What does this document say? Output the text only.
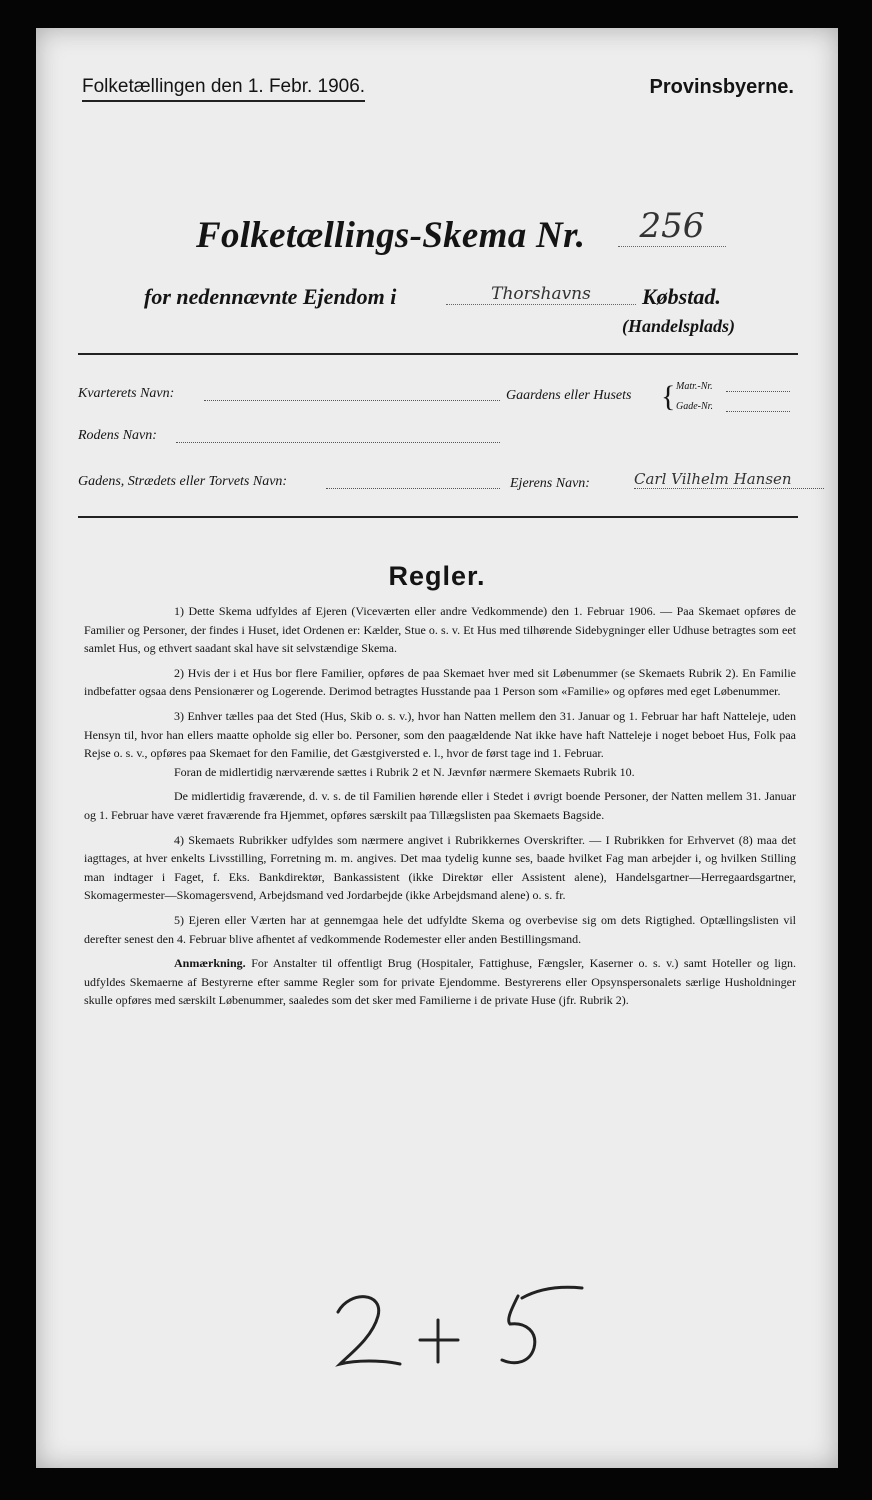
Folketællingen den 1. Febr. 1906.	Provinsbyerne.
Folketællings-Skema Nr.	256
for nedennævnte Ejendom i	Thorshavns	Købstad.
(Handelsplads)
Kvarterets Navn:	Gaardens eller Husets { Matr.-Nr.
Gade-Nr.
Rodens Navn:
Gadens, Strædets eller Torvets Navn:	Ejerens Navn:	Carl Vilhelm Hansen
Regler.

1) Dette Skema udfyldes af Ejeren (Viceværten eller andre Vedkommende) den 1. Februar 1906. — Paa Skemaet opføres de Familier og Personer, der findes i Huset, idet Ordenen er: Kælder, Stue o. s. v. Et Hus med tilhørende Sidebygninger eller Udhuse betragtes som eet samlet Hus, og ethvert saadant skal have sit selvstændige Skema.

2) Hvis der i et Hus bor flere Familier, opføres de paa Skemaet hver med sit Løbenummer (se Skemaets Rubrik 2). En Familie indbefatter ogsaa dens Pensionærer og Logerende. Derimod betragtes Husstande paa 1 Person som «Familie» og opføres med eget Løbenummer.

3) Enhver tælles paa det Sted (Hus, Skib o. s. v.), hvor han Natten mellem den 31. Januar og 1. Februar har haft Natteleje, uden Hensyn til, hvor han ellers maatte opholde sig eller bo. Personer, som den paagældende Nat ikke have haft Natteleje i noget beboet Hus, Folk paa Rejse o. s. v., opføres paa Skemaet for den Familie, det Gæstgiversted e. l., hvor de først tage ind 1. Februar.

Foran de midlertidig nærværende sættes i Rubrik 2 et N. Jævnfør nærmere Skemaets Rubrik 10.

De midlertidig fraværende, d. v. s. de til Familien hørende eller i Stedet i øvrigt boende Personer, der Natten mellem 31. Januar og 1. Februar have været fraværende fra Hjemmet, opføres særskilt paa Tillægslisten paa Skemaets Bagside.

4) Skemaets Rubrikker udfyldes som nærmere angivet i Rubrikkernes Overskrifter. — I Rubrikken for Erhvervet (8) maa det iagttages, at hver enkelts Livsstilling, Forretning m. m. angives. Det maa tydelig kunne ses, baade hvilket Fag man arbejder i, og hvilken Stilling man indtager i Faget, f. Eks. Bankdirektør, Bankassistent (ikke Direktør eller Assistent alene), Handelsgartner—Herregaardsgartner, Skomagermester—Skomagersvend, Arbejdsmand ved Jordarbejde (ikke Arbejdsmand alene) o. s. fr.

5) Ejeren eller Værten har at gennemgaa hele det udfyldte Skema og overbevise sig om dets Rigtighed. Optællingslisten vil derefter senest den 4. Februar blive afhentet af vedkommende Rodemester eller anden Bestillingsmand.

Anmærkning. For Anstalter til offentligt Brug (Hospitaler, Fattighuse, Fængsler, Kaserner o. s. v.) samt Hoteller og lign. udfyldes Skemaerne af Bestyrerne efter samme Regler som for private Ejendomme. Bestyrerens eller Opsynspersonalets særlige Husholdninger skulle opføres med særskilt Løbenummer, saaledes som det sker med Familierne i de private Huse (jfr. Rubrik 2).
